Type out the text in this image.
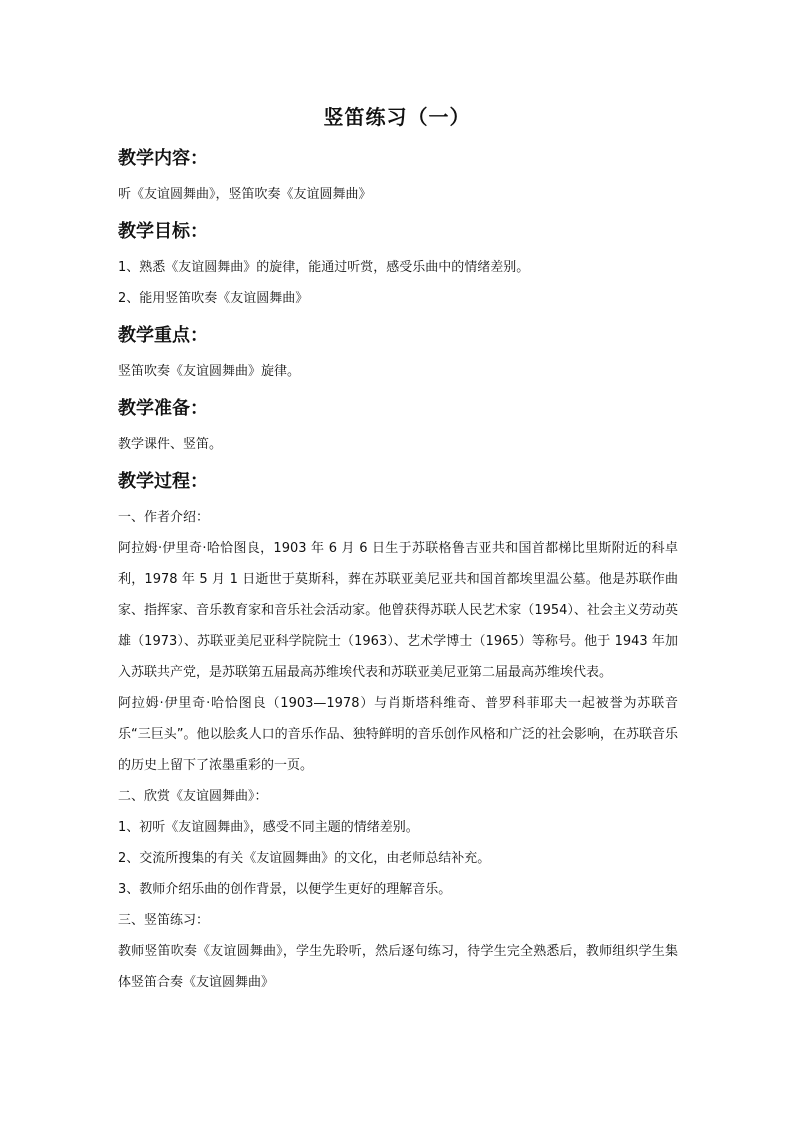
竖笛练习（一）
教学内容：
听《友谊圆舞曲》，竖笛吹奏《友谊圆舞曲》
教学目标：
1、熟悉《友谊圆舞曲》的旋律，能通过听赏，感受乐曲中的情绪差别。
2、能用竖笛吹奏《友谊圆舞曲》
教学重点：
竖笛吹奏《友谊圆舞曲》旋律。
教学准备：
教学课件、竖笛。
教学过程：
一、作者介绍：
阿拉姆·伊里奇·哈恰图良，1903 年 6 月 6 日生于苏联格鲁吉亚共和国首都梯比里斯附近的科卓利，1978 年 5 月 1 日逝世于莫斯科，葬在苏联亚美尼亚共和国首都埃里温公墓。他是苏联作曲家、指挥家、音乐教育家和音乐社会活动家。他曾获得苏联人民艺术家（1954）、社会主义劳动英雄（1973）、苏联亚美尼亚科学院院士（1963）、艺术学博士（1965）等称号。他于 1943 年加入苏联共产党，是苏联第五届最高苏维埃代表和苏联亚美尼亚第二届最高苏维埃代表。
阿拉姆·伊里奇·哈恰图良（1903—1978）与肖斯塔科维奇、普罗科菲耶夫一起被誉为苏联音乐“三巨头”。他以脍炙人口的音乐作品、独特鲜明的音乐创作风格和广泛的社会影响，在苏联音乐的历史上留下了浓墨重彩的一页。
二、欣赏《友谊圆舞曲》：
1、初听《友谊圆舞曲》，感受不同主题的情绪差别。
2、交流所搜集的有关《友谊圆舞曲》的文化，由老师总结补充。
3、教师介绍乐曲的创作背景，以便学生更好的理解音乐。
三、竖笛练习：
教师竖笛吹奏《友谊圆舞曲》，学生先聆听，然后逐句练习，待学生完全熟悉后，教师组织学生集体竖笛合奏《友谊圆舞曲》
